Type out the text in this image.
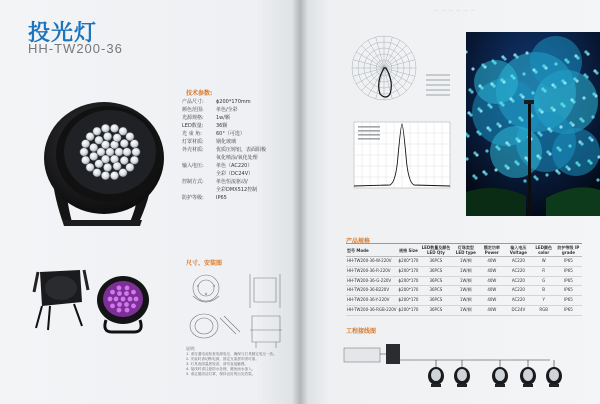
投光灯
HH-TW200-36
技术参数:
产品尺寸:	ɸ200*170mm
颜色范围:	单色/全彩
光源规格:	1w/颗
LED数量:	36颗
光 束 角:	60°（可选）
灯罩材质:	钢化玻璃
外壳材质:	优质压铸铝，表面阳极
氧化喷涂/氧化处理
输入电压:	单色（AC220）
全彩（DC24V）
控制方式:	单色恒流驱动/
全彩DMX512控制
防护等级:	IP65
尺寸、安装图
说明:

1. 请在通电前检查电源电压，确保与灯具额定电压一致。

2. 安装时请切断电源，固定支架需牢固可靠。

3. 灯具表面温度较高，请勿直接触摸。

4. 接线时请注意防水处理，避免雨水渗入。

5. 请定期清洁灯罩，保持良好的出光效果。

一 一 一 一 一 一
产品规格
型号 Mode	规格 Size	LED数量及颜色 LED Qty	灯珠类型 LED type	额定功率 Power	输入电压 Voltage	LED颜色 color	防护等级 IP grade
HH-TW200-36-W-220V	ɸ200*170	36PCS	1W/颗	40W	AC220	W	IP65
HH-TW200-36-R-220V	ɸ200*170	36PCS	1W/颗	40W	AC220	R	IP65
HH-TW200-36-G-220V	ɸ200*170	36PCS	1W/颗	40W	AC220	G	IP65
HH-TW200-36-B220V	ɸ200*170	36PCS	1W/颗	40W	AC220	B	IP65
HH-TW200-36-Y-220V	ɸ200*170	36PCS	1W/颗	40W	AC220	Y	IP65
HH-TW200-36-RGB-220V	ɸ200*170	36PCS	1W/颗	40W	DC24V	RGB	IP65
工程接线图
